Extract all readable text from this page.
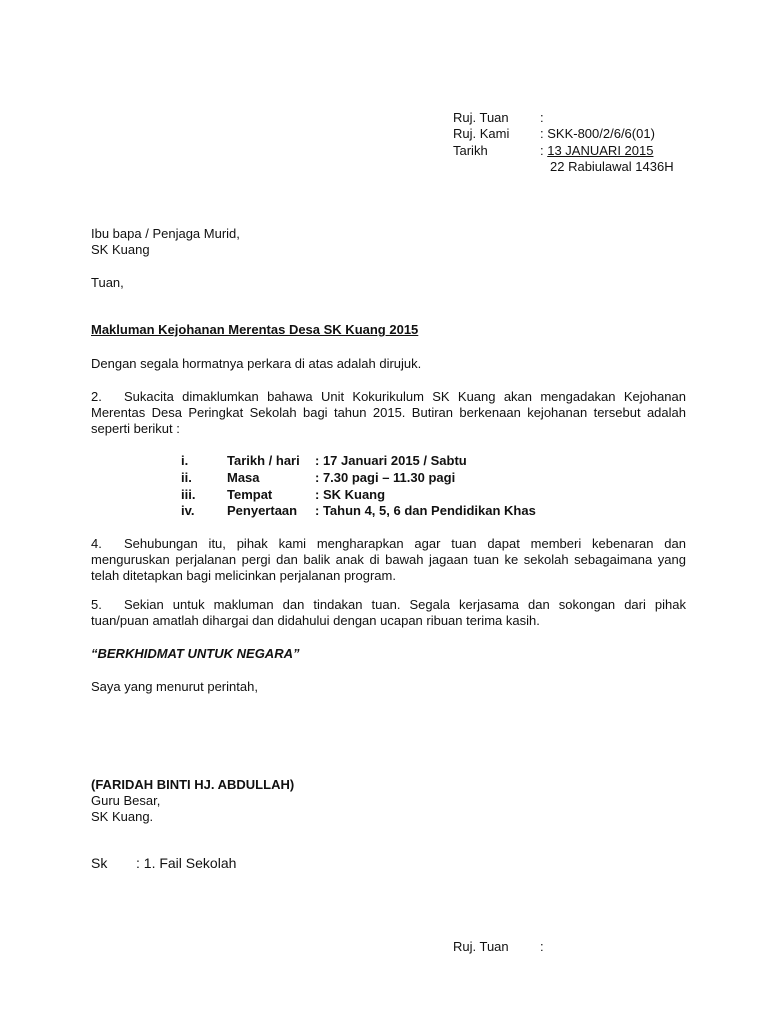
Ruj. Tuan :
Ruj. Kami : SKK-800/2/6/6(01)
Tarikh	: 13 JANUARI 2015
22 Rabiulawal 1436H
Ibu bapa / Penjaga Murid,
SK Kuang
Tuan,
Makluman Kejohanan Merentas Desa SK Kuang 2015
Dengan segala hormatnya perkara di atas adalah dirujuk.
2. Sukacita dimaklumkan bahawa Unit Kokurikulum SK Kuang akan mengadakan Kejohanan Merentas Desa Peringkat Sekolah bagi tahun 2015. Butiran berkenaan kejohanan tersebut adalah seperti berikut :
i.	Tarikh / hari : 17 Januari 2015 / Sabtu
ii.	Masa	: 7.30 pagi – 11.30 pagi
iii. Tempat	: SK Kuang
iv.	Penyertaan : Tahun 4, 5, 6 dan Pendidikan Khas
4. Sehubungan itu, pihak kami mengharapkan agar tuan dapat memberi kebenaran dan menguruskan perjalanan pergi dan balik anak di bawah jagaan tuan ke sekolah sebagaimana yang telah ditetapkan bagi melicinkan perjalanan program.
5. Sekian untuk makluman dan tindakan tuan. Segala kerjasama dan sokongan dari pihak tuan/puan amatlah dihargai dan didahului dengan ucapan ribuan terima kasih.
“BERKHIDMAT UNTUK NEGARA”
Saya yang menurut perintah,
(FARIDAH BINTI HJ. ABDULLAH)
Guru Besar,
SK Kuang.
Sk : 1. Fail Sekolah
Ruj. Tuan :
